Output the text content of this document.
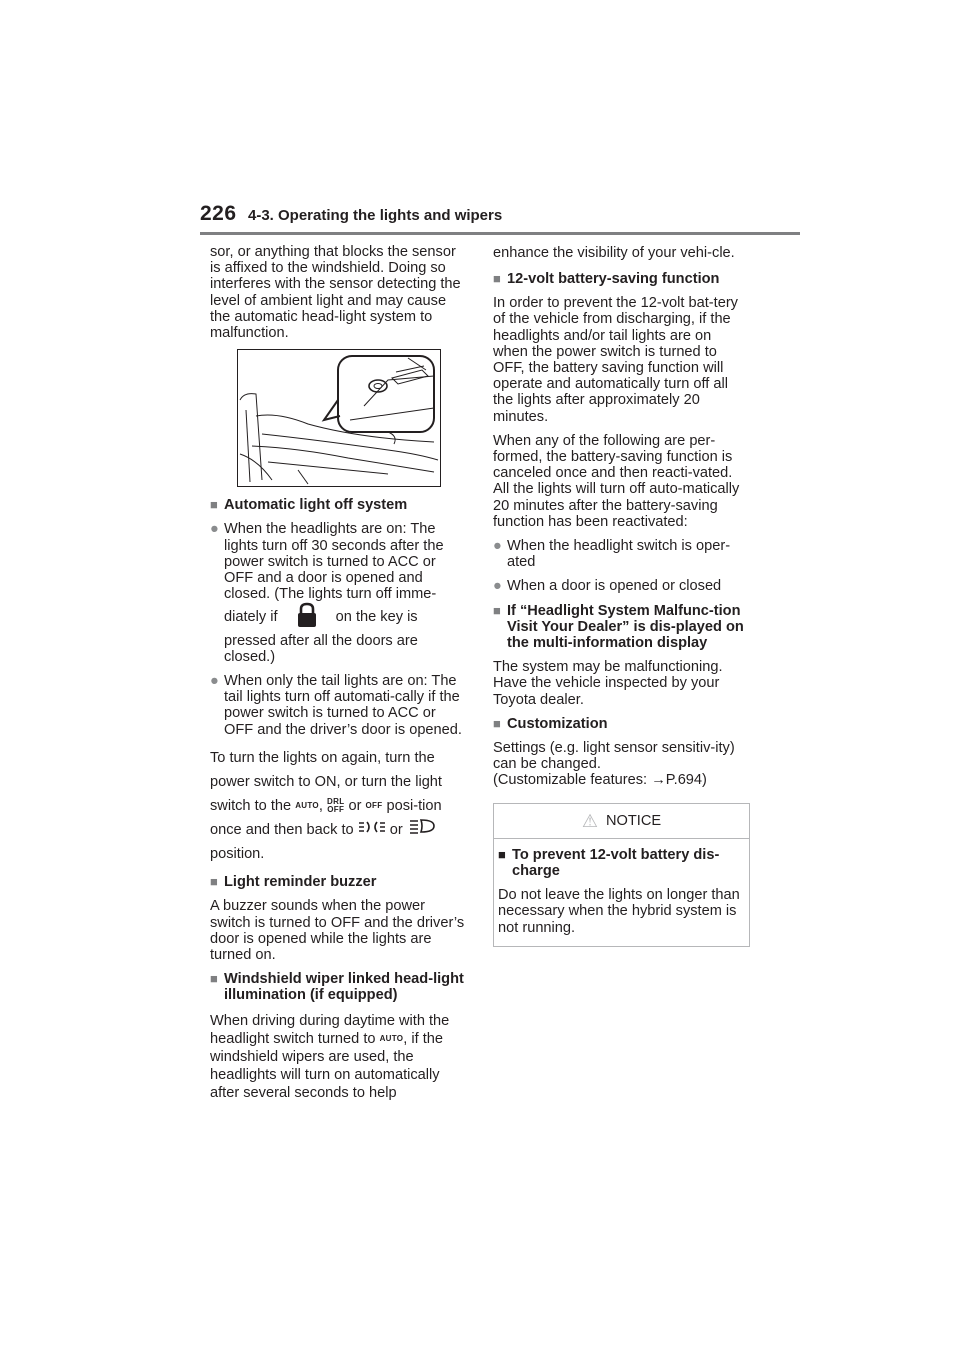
226 4-3. Operating the lights and wipers

sor, or anything that blocks the sensor is affixed to the windshield. Doing so interferes with the sensor detecting the level of ambient light and may cause the automatic head-light system to malfunction.

■ Automatic light off system
● When the headlights are on: The lights turn off 30 seconds after the power switch is turned to ACC or OFF and a door is opened and closed. (The lights turn off imme-diately if	on the key is pressed after all the doors are closed.)
● When only the tail lights are on: The tail lights turn off automati-cally if the power switch is turned to ACC or OFF and the driver’s door is opened.

To turn the lights on again, turn the power switch to ON, or turn the light switch to the AUTO, DRL
OFF or OFF posi-tion once and then back to or  position.

■ Light reminder buzzer

A buzzer sounds when the power switch is turned to OFF and the driver’s door is opened while the lights are turned on.

■ Windshield wiper linked head-light illumination (if equipped)

When driving during daytime with the headlight switch turned to AUTO, if the windshield wipers are used, the headlights will turn on automatically after several seconds to help

enhance the visibility of your vehi-cle.

■ 12-volt battery-saving function

In order to prevent the 12-volt bat-tery of the vehicle from discharging, if the headlights and/or tail lights are on when the power switch is turned to OFF, the battery saving function will operate and automatically turn off all the lights after approximately 20 minutes.

When any of the following are per-formed, the battery-saving function is canceled once and then reacti-vated. All the lights will turn off auto-matically 20 minutes after the battery-saving function has been reactivated:

● When the headlight switch is oper-ated
● When a door is opened or closed
■ If “Headlight System Malfunc-tion Visit Your Dealer” is dis-played on the multi-information display

The system may be malfunctioning. Have the vehicle inspected by your Toyota dealer.

■ Customization

Settings (e.g. light sensor sensitiv-ity) can be changed.
(Customizable features: →P.694)

⚠ NOTICE
■ To prevent 12-volt battery dis-charge

Do not leave the lights on longer than necessary when the hybrid system is not running.
